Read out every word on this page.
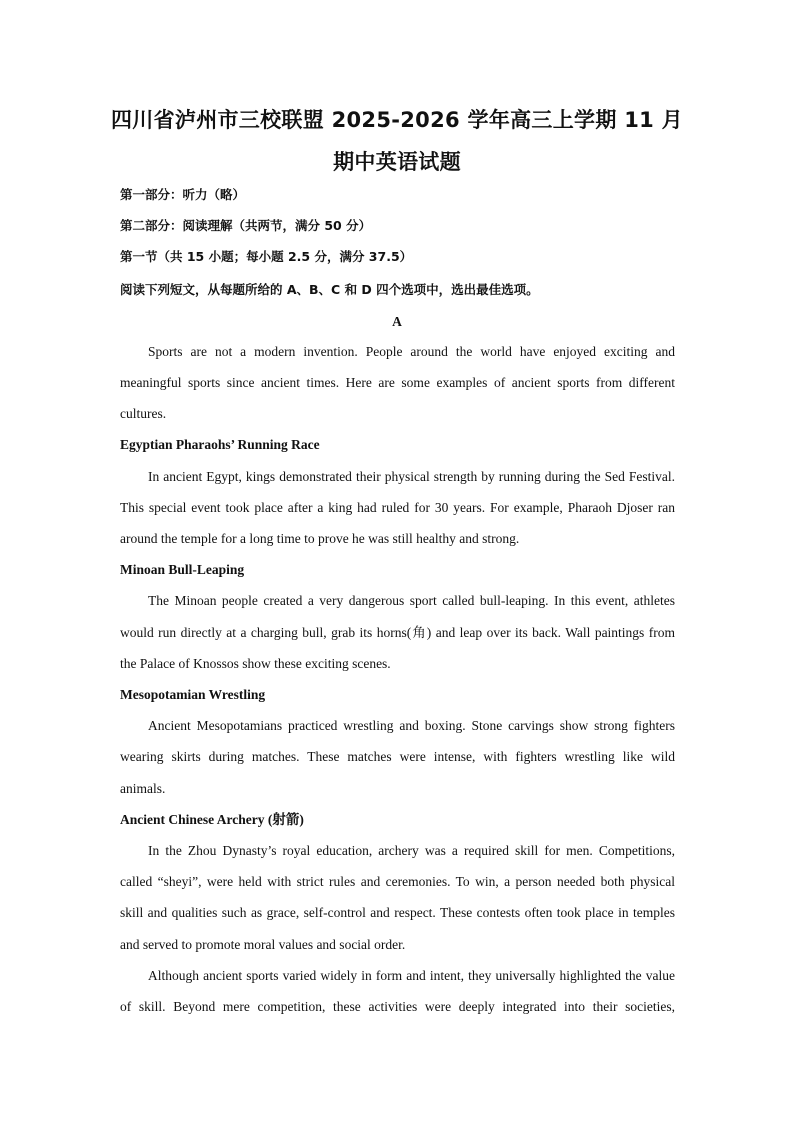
四川省泸州市三校联盟 2025-2026 学年高三上学期 11 月
期中英语试题
第一部分：听力（略）
第二部分：阅读理解（共两节，满分 50 分）
第一节（共 15 小题；每小题 2.5 分，满分 37.5）
阅读下列短文，从每题所给的 A、B、C 和 D 四个选项中，选出最佳选项。
A
Sports are not a modern invention. People around the world have enjoyed exciting and
meaningful sports since ancient times. Here are some examples of ancient sports from different
cultures.
Egyptian Pharaohs’ Running Race
In ancient Egypt, kings demonstrated their physical strength by running during the Sed Festival.
This special event took place after a king had ruled for 30 years. For example, Pharaoh Djoser ran
around the temple for a long time to prove he was still healthy and strong.
Minoan Bull-Leaping
The Minoan people created a very dangerous sport called bull-leaping. In this event, athletes
would run directly at a charging bull, grab its horns(角) and leap over its back. Wall paintings from
the Palace of Knossos show these exciting scenes.
Mesopotamian Wrestling
Ancient Mesopotamians practiced wrestling and boxing. Stone carvings show strong fighters
wearing skirts during matches. These matches were intense, with fighters wrestling like wild
animals.
Ancient Chinese Archery (射箭)
In the Zhou Dynasty’s royal education, archery was a required skill for men. Competitions,
called “sheyi”, were held with strict rules and ceremonies. To win, a person needed both physical
skill and qualities such as grace, self-control and respect. These contests often took place in temples
and served to promote moral values and social order.
Although ancient sports varied widely in form and intent, they universally highlighted the value
of skill. Beyond mere competition, these activities were deeply integrated into their societies,
